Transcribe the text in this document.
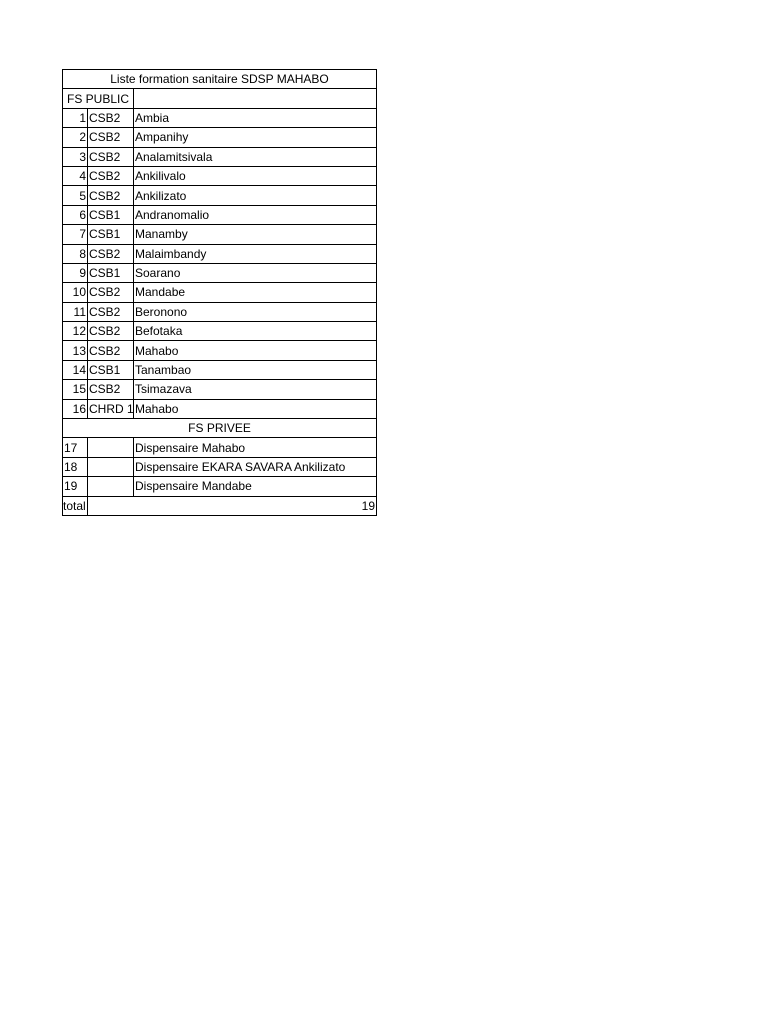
Liste formation sanitaire SDSP MAHABO		
FS PUBLIC		
1	CSB2	Ambia
2	CSB2	Ampanihy
3	CSB2	Analamitsivala
4	CSB2	Ankilivalo
5	CSB2	Ankilizato
6	CSB1	Andranomalio
7	CSB1	Manamby
8	CSB2	Malaimbandy
9	CSB1	Soarano
10	CSB2	Mandabe
11	CSB2	Beronono
12	CSB2	Befotaka
13	CSB2	Mahabo
14	CSB1	Tanambao
15	CSB2	Tsimazava
16	CHRD 1	Mahabo
FS PRIVEE		
17		Dispensaire Mahabo
18		Dispensaire EKARA SAVARA Ankilizato
19		Dispensaire Mandabe
total	19	
